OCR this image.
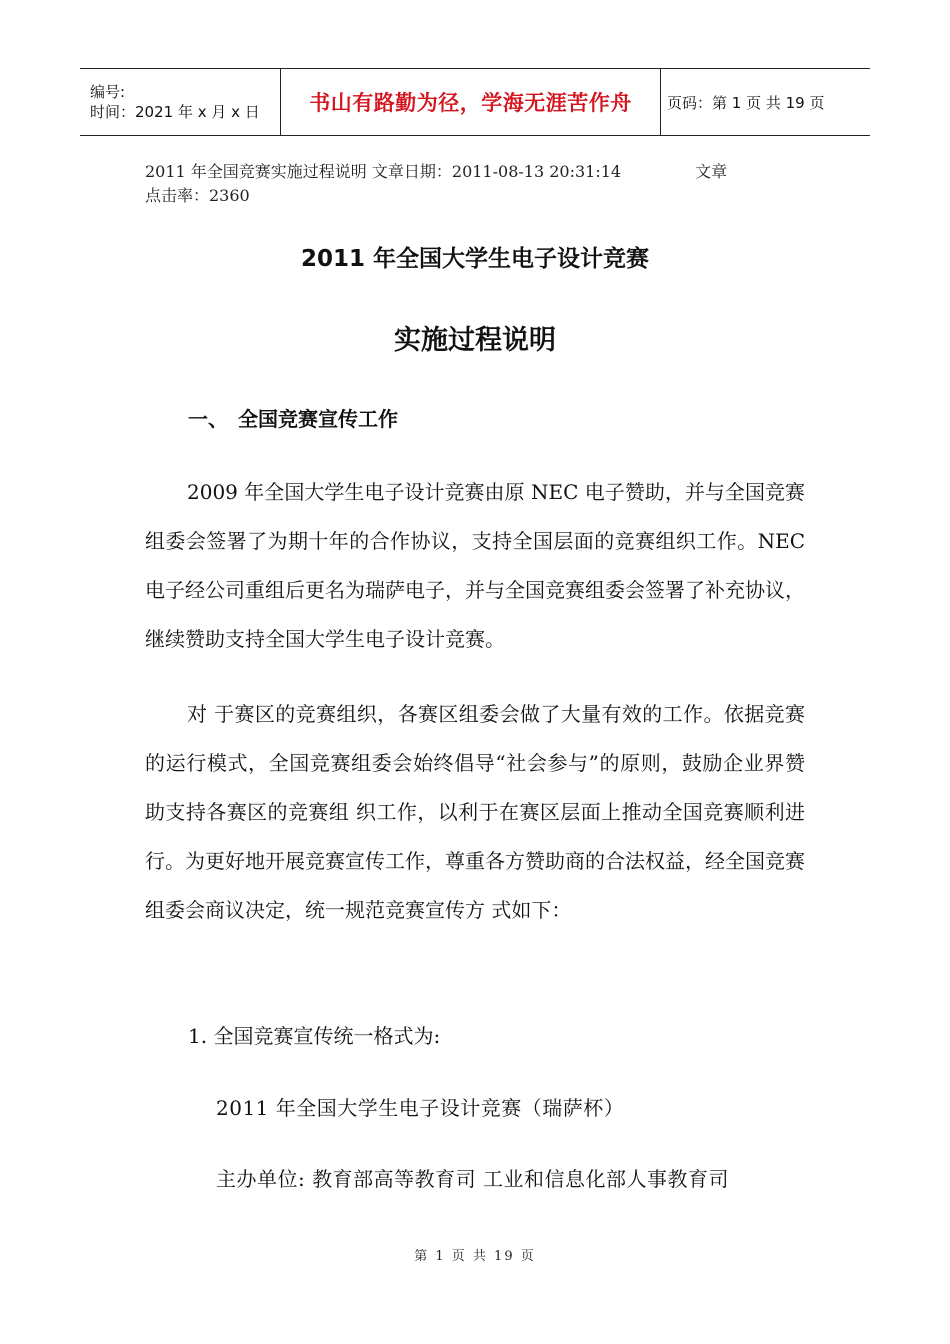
编号:
时间：2021 年 x 月 x 日 书山有路勤为径，学海无涯苦作舟 页码：第 1 页 共 19 页
2011 年全国竞赛实施过程说明 文章日期：2011-08-13 20:31:14	文章
点击率：2360
2011 年全国大学生电子设计竞赛
实施过程说明
一、 全国竞赛宣传工作

2009 年全国大学生电子设计竞赛由原 NEC 电子赞助，并与全国竞赛组委会签署了为期十年的合作协议，支持全国层面的竞赛组织工作。NEC 电子经公司重组后更名为瑞萨电子，并与全国竞赛组委会签署了补充协议，继续赞助支持全国大学生电子设计竞赛。

对 于赛区的竞赛组织，各赛区组委会做了大量有效的工作。依据竞赛的运行模式，全国竞赛组委会始终倡导“社会参与”的原则，鼓励企业界赞助支持各赛区的竞赛组 织工作，以利于在赛区层面上推动全国竞赛顺利进行。为更好地开展竞赛宣传工作，尊重各方赞助商的合法权益，经全国竞赛组委会商议决定，统一规范竞赛宣传方 式如下：

1. 全国竞赛宣传统一格式为:

2011 年全国大学生电子设计竞赛（瑞萨杯）

主办单位: 教育部高等教育司 工业和信息化部人事教育司

第 1 页 共 19 页
